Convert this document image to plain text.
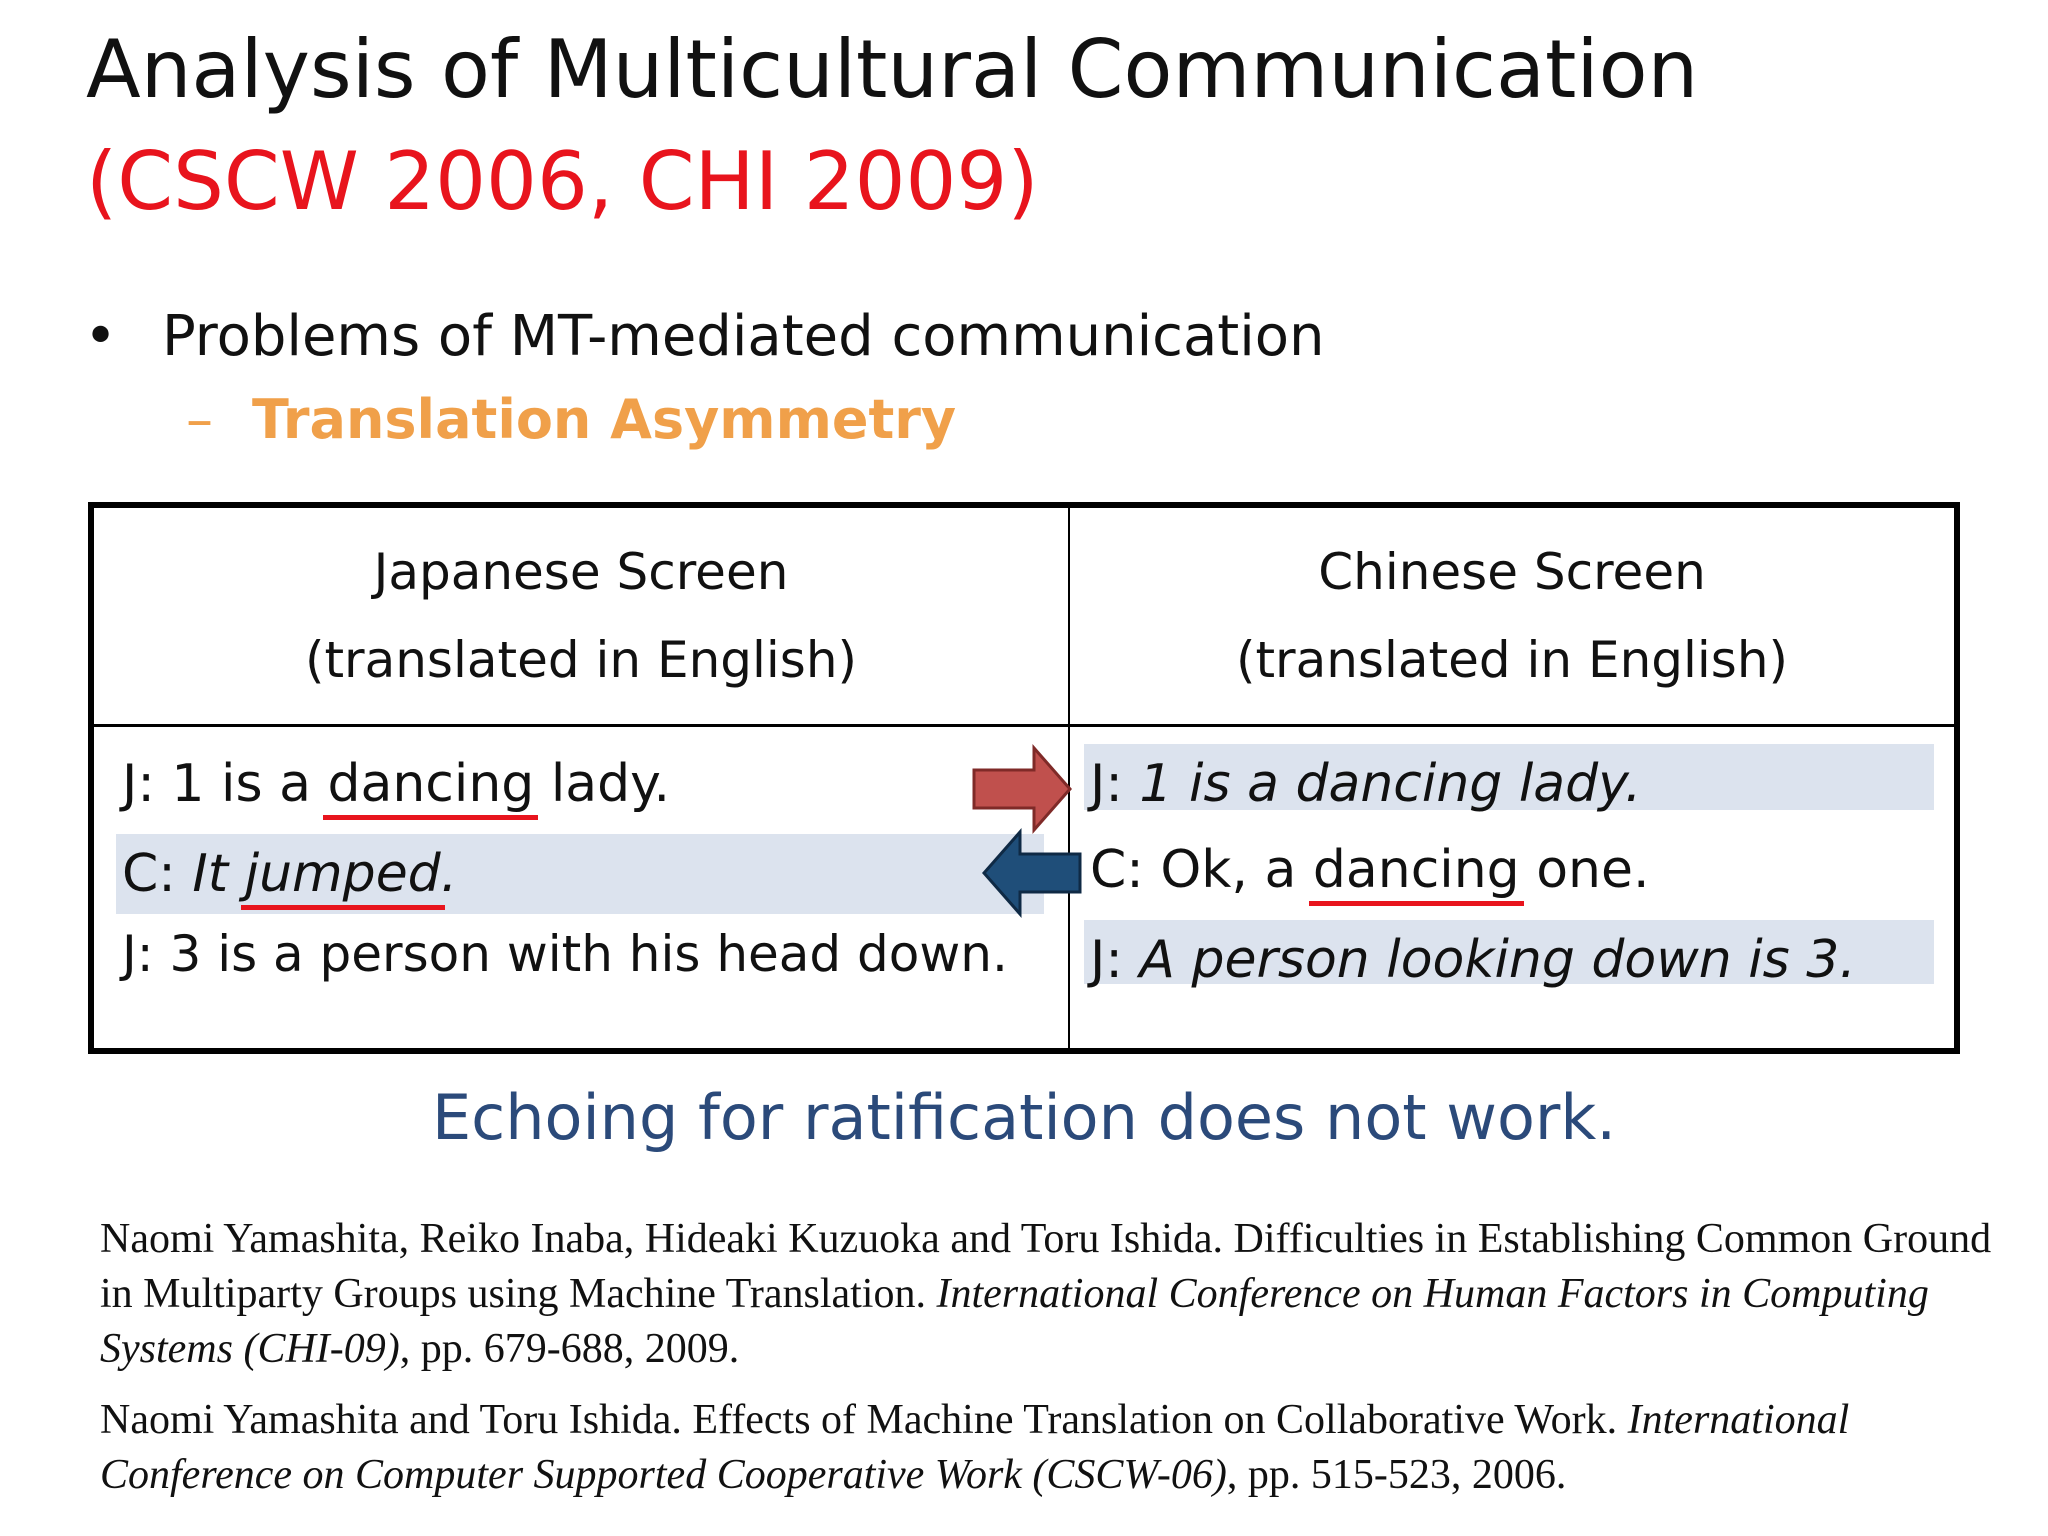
Analysis of Multicultural Communication
(CSCW 2006, CHI 2009)
• Problems of MT-mediated communication
– Translation Asymmetry
Japanese Screen
(translated in English)
Chinese Screen
(translated in English)
J: 1 is a dancing lady.
C: It jumped.
J: 3 is a person with his head down.
J: 1 is a dancing lady.
C: Ok, a dancing one.
J: A person looking down is 3.
Echoing for ratification does not work.
Naomi Yamashita, Reiko Inaba, Hideaki Kuzuoka and Toru Ishida. Difficulties in Establishing Common Ground in Multiparty Groups using Machine Translation. International Conference on Human Factors in Computing Systems (CHI-09), pp. 679-688, 2009.
Naomi Yamashita and Toru Ishida. Effects of Machine Translation on Collaborative Work. International Conference on Computer Supported Cooperative Work (CSCW-06), pp. 515-523, 2006.
